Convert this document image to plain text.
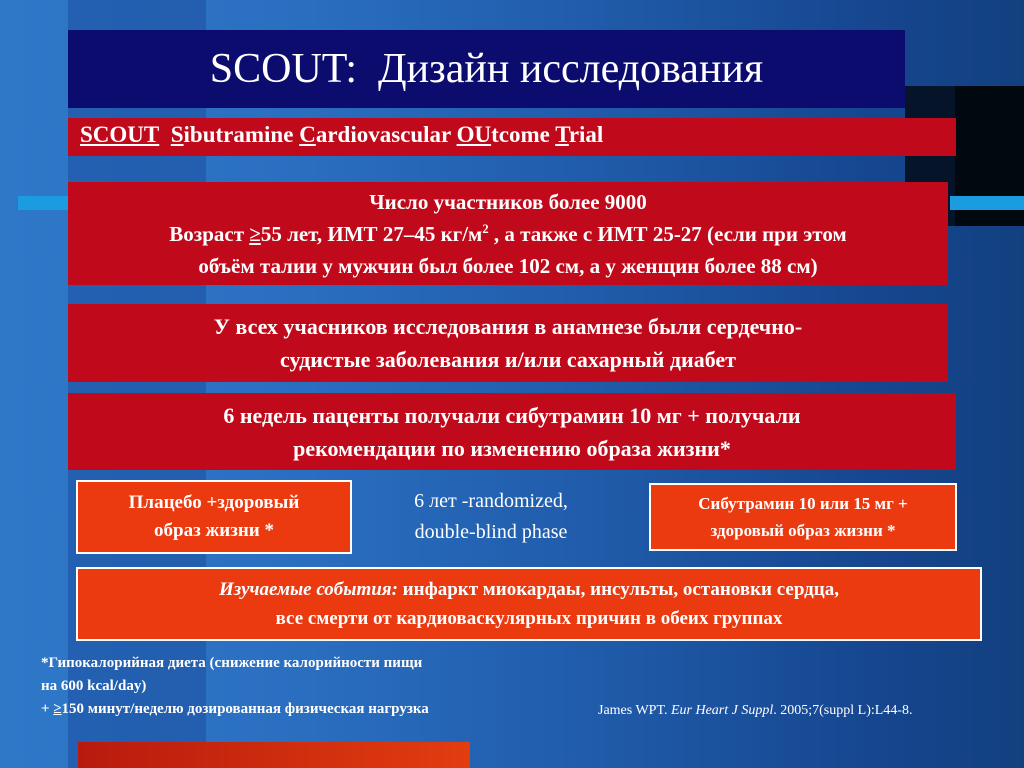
SCOUT:  Дизайн исследования
SCOUT Sibutramine Cardiovascular OUtcome Trial
Число участников более 9000
Возраст ≥55 лет, ИМТ 27–45 $кг/м^2$ , а также с ИМТ 25-27 (если при этом
объём талии у мужчин был более 102 см, а у женщин более 88 см)
У всех учасников исследования в анамнезе были сердечно-
судистые заболевания и/или сахарный диабет
6 недель паценты получали сибутрамин 10 мг + получали
рекомендации по изменению образа жизни*
Плацебо +здоровый
образ жизни *
6 лет -randomized,
double-blind phase
Сибутрамин 10 или 15 мг +
здоровый образ жизни *
Изучаемые события: инфаркт миокардаы, инсульты, остановки сердца,
все смерти от кардиоваскулярных причин в обеих группах
*Гипокалорийная диета (снижение калорийности пищи
на 600 kcal/day)
+ ≥150 минут/неделю дозированная физическая нагрузка	James WPT. Eur Heart J Suppl. 2005;7(suppl L):L44-8.
